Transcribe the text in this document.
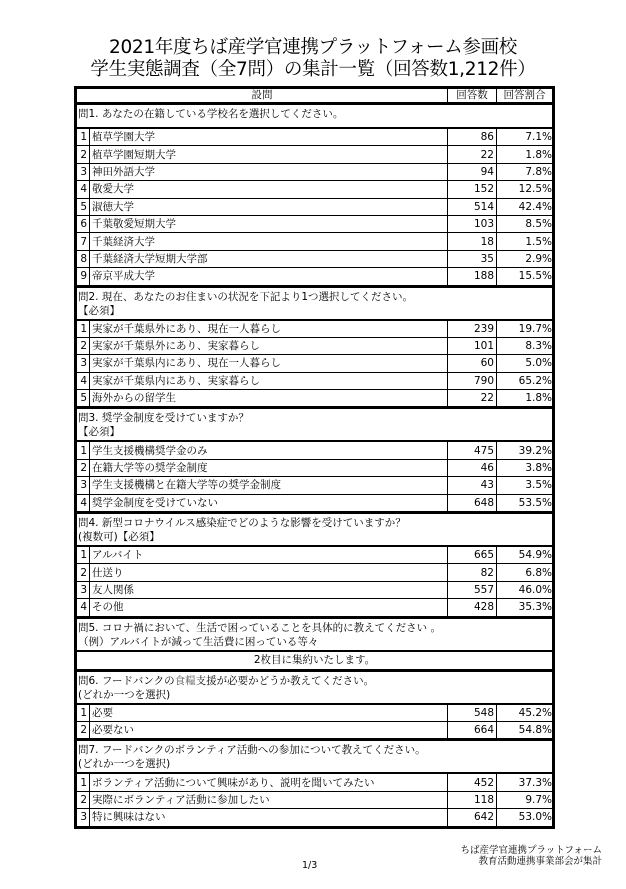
2021年度ちば産学官連携プラットフォーム参画校
学生実態調査（全7問）の集計一覧（回答数1,212件）
設問		回答数	回答割合
問1. あなたの在籍している学校名を選択してください。			
1	植草学園大学	86	7.1%
2	植草学園短期大学	22	1.8%
3	神田外語大学	94	7.8%
4	敬愛大学	152	12.5%
5	淑徳大学	514	42.4%
6	千葉敬愛短期大学	103	8.5%
7	千葉経済大学	18	1.5%
8	千葉経済大学短期大学部	35	2.9%
9	帝京平成大学	188	15.5%

問2. 現在、あなたのお住まいの状況を下記より1つ選択してください。
【必須】			

1	実家が千葉県外にあり、現在一人暮らし	239	19.7%
2	実家が千葉県外にあり、実家暮らし	101	8.3%
3	実家が千葉県内にあり、現在一人暮らし	60	5.0%
4	実家が千葉県内にあり、実家暮らし	790	65.2%
5	海外からの留学生	22	1.8%

問3. 奨学金制度を受けていますか？
【必須】			

1	学生支援機構奨学金のみ	475	39.2%
2	在籍大学等の奨学金制度	46	3.8%
3	学生支援機構と在籍大学等の奨学金制度	43	3.5%
4	奨学金制度を受けていない	648	53.5%

問4. 新型コロナウイルス感染症でどのような影響を受けていますか？
(複数可)【必須】			

1	アルバイト	665	54.9%
2	仕送り	82	6.8%
3	友人関係	557	46.0%
4	その他	428	35.3%

問5. コロナ禍において、生活で困っていることを具体的に教えてください 。
（例）アルバイトが減って生活費に困っている等々			

2枚目に集約いたします。			

問6. フードバンクの食糧支援が必要かどうか教えてください。
(どれか一つを選択)			

1	必要	548	45.2%
2	必要ない	664	54.8%

問7. フードバンクのボランティア活動への参加について教えてください。
(どれか一つを選択)			

1	ボランティア活動について興味があり、説明を聞いてみたい	452	37.3%
2	実際にボランティア活動に参加したい	118	9.7%
3	特に興味はない	642	53.0%
1/3
ちば産学官連携プラットフォーム
教育活動連携事業部会が集計
